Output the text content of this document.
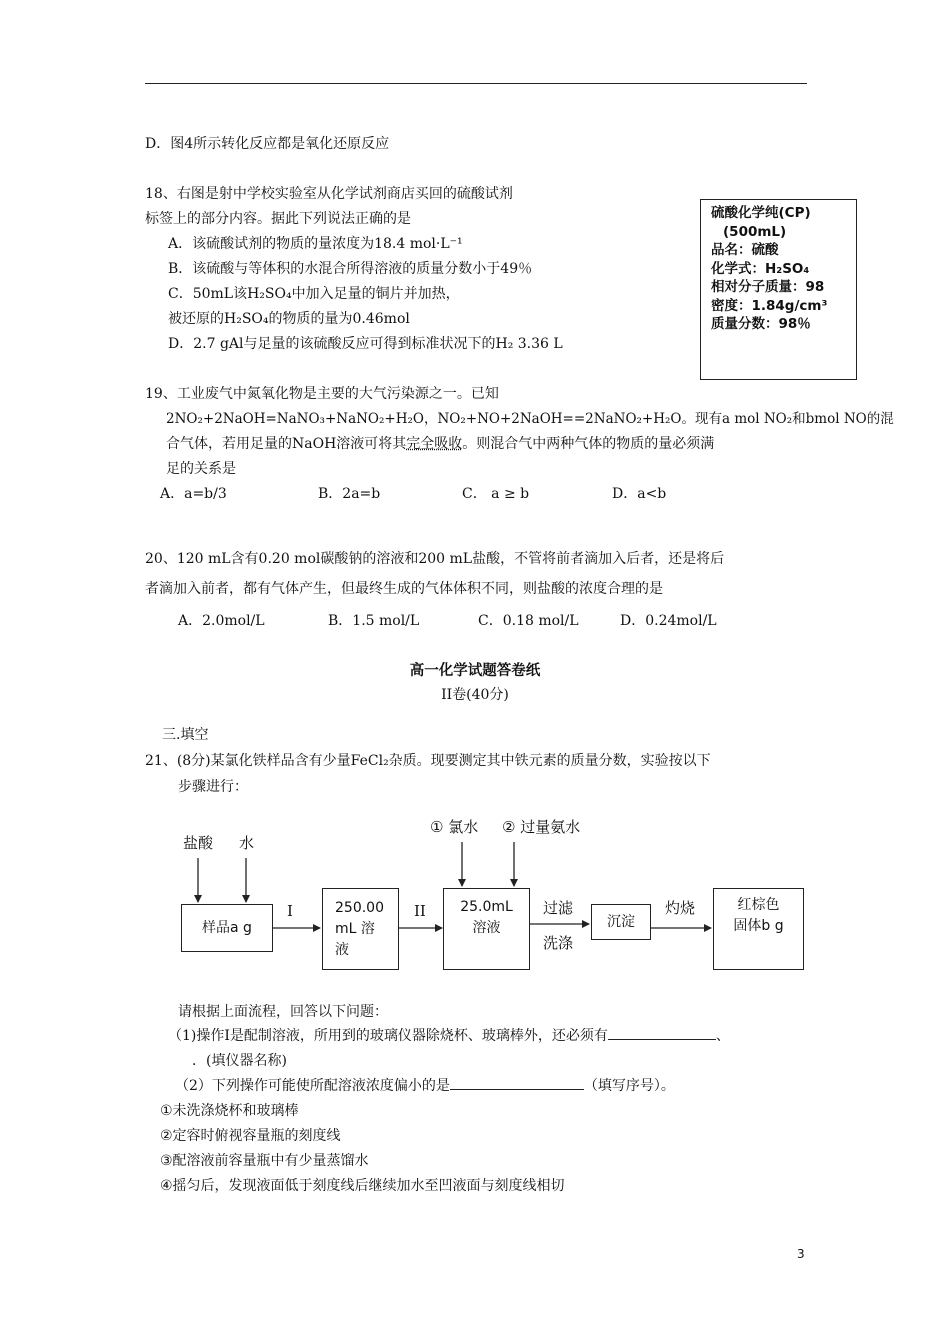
D．图4所示转化反应都是氧化还原反应
18、右图是射中学校实验室从化学试剂商店买回的硫酸试剂
标签上的部分内容。据此下列说法正确的是
A．该硫酸试剂的物质的量浓度为18.4 mol·L⁻¹
B．该硫酸与等体积的水混合所得溶液的质量分数小于49％
C．50mL该H₂SO₄中加入足量的铜片并加热，
被还原的H₂SO₄的物质的量为0.46mol
D．2.7 gAl与足量的该硫酸反应可得到标准状况下的H₂ 3.36 L
硫酸化学纯(CP)
(500mL)
品名：硫酸
化学式：H₂SO₄
相对分子质量：98
密度：1.84g/cm³
质量分数：98％
19、工业废气中氮氧化物是主要的大气污染源之一。已知
2NO₂+2NaOH=NaNO₃+NaNO₂+H₂O，NO₂+NO+2NaOH==2NaNO₂+H₂O。现有a mol NO₂和bmol NO的混
合气体，若用足量的NaOH溶液可将其完全吸收。则混合气中两种气体的物质的量必须满
足的关系是
A．a=b/3	B．2a=b	C． a ≥ b	D．a<b
20、120 mL含有0.20 mol碳酸钠的溶液和200 mL盐酸，不管将前者滴加入后者，还是将后
者滴加入前者，都有气体产生，但最终生成的气体体积不同，则盐酸的浓度合理的是
A．2.0mol/L	B．1.5 mol/L	C．0.18 mol/L	D．0.24mol/L
高一化学试题答卷纸
II卷(40分)
三.填空
21、(8分)某氯化铁样品含有少量FeCl₂杂质。现要测定其中铁元素的质量分数，实验按以下
步骤进行：
盐酸 水
① 氯水 ② 过量氨水
样品a g
I	250.00
mL 溶
液
II 25.0mL
溶液
过滤
洗涤
沉淀
灼烧	红棕色
固体b g
请根据上面流程，回答以下问题：
（1)操作Ⅰ是配制溶液，所用到的玻璃仪器除烧杯、玻璃棒外，还必须有	、
．(填仪器名称)
（2）下列操作可能使所配溶液浓度偏小的是	（填写序号）。
①未洗涤烧杯和玻璃棒
②定容时俯视容量瓶的刻度线
③配溶液前容量瓶中有少量蒸馏水
④摇匀后，发现液面低于刻度线后继续加水至凹液面与刻度线相切
3
